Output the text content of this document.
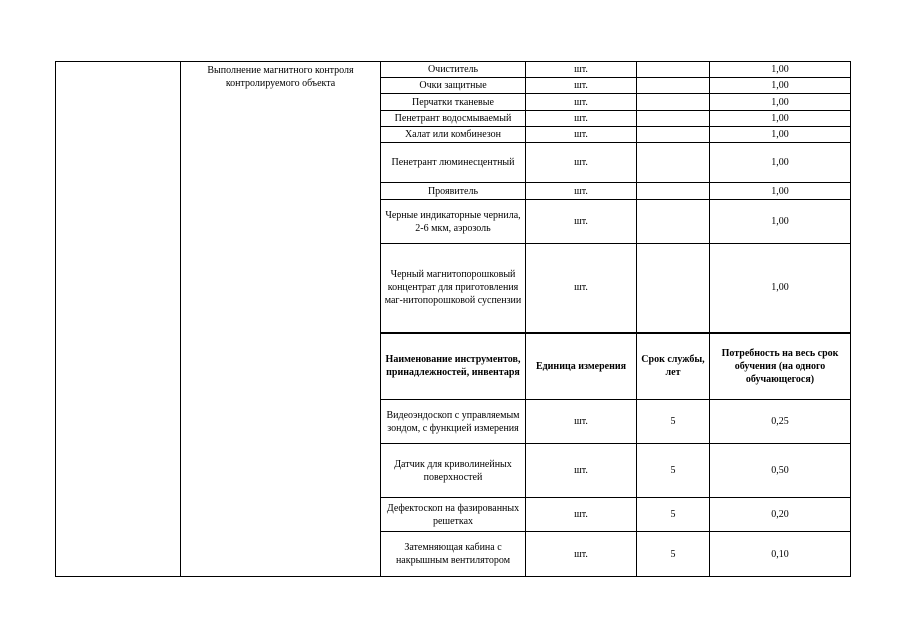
	Выполнение магнитного контроля контролируемого объекта	Очиститель	шт.		1,00
		Очки защитные	шт.		1,00
		Перчатки тканевые	шт.		1,00
		Пенетрант водосмываемый	шт.		1,00
		Халат или комбинезон	шт.		1,00
		Пенетрант люминесцентный	шт.		1,00
		Проявитель	шт.		1,00
		Черные индикаторные чернила, 2-6 мкм, аэрозоль	шт.		1,00
		Черный магнитопорошковый концентрат для приготовления маг-нитопорошковой суспензии	шт.		1,00
		Наименование инструментов, принадлежностей, инвентаря	Единица измерения	Срок службы, лет	Потребность на весь срок обучения (на одного обучающегося)
		Видеоэндоскоп с управляемым зондом, с функцией измерения	шт.	5	0,25
		Датчик для криволинейных поверхностей	шт.	5	0,50
		Дефектоскоп на фазированных решетках	шт.	5	0,20
		Затемняющая кабина с накрышным вентилятором	шт.	5	0,10
